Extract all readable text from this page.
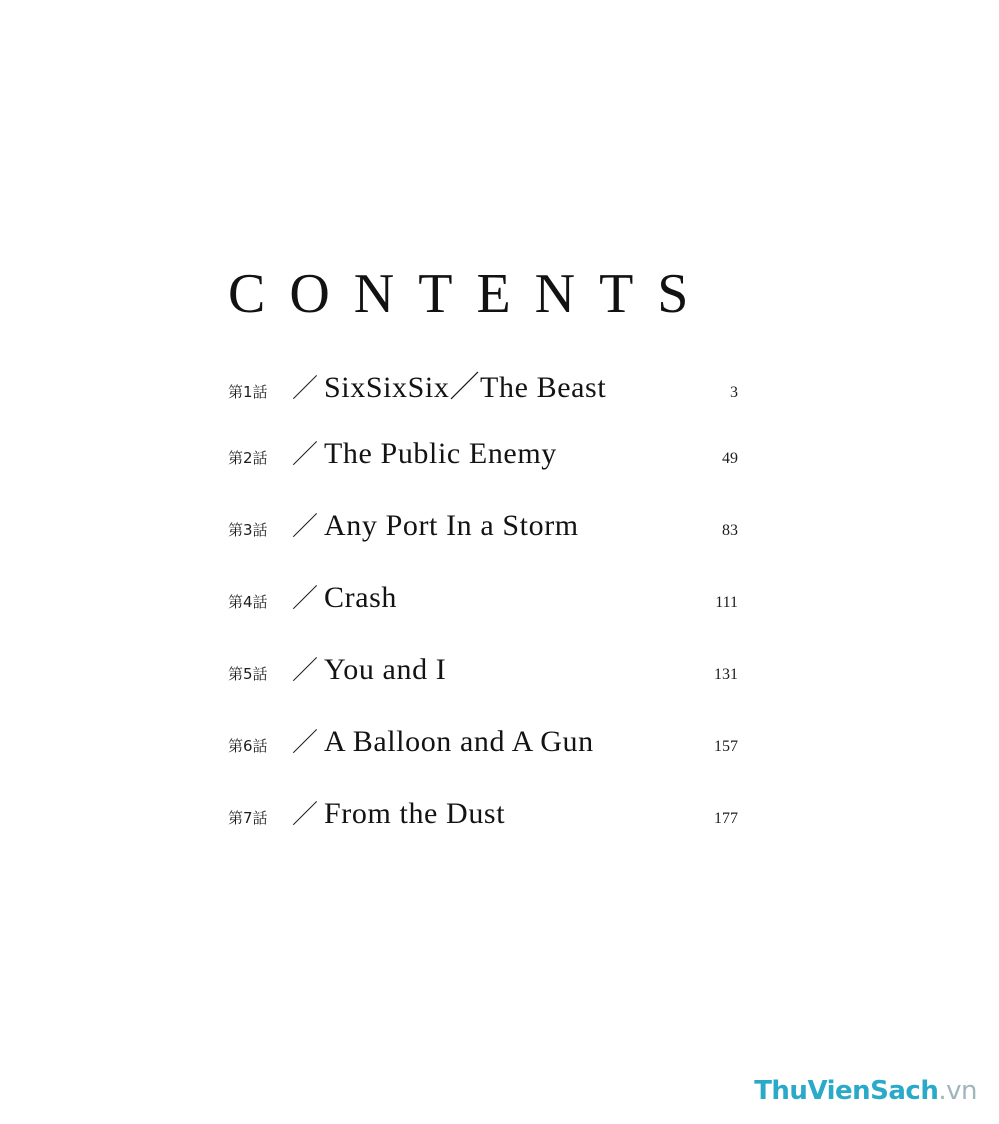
CONTENTS
第1話 ／ SixSixSix／The Beast	3
第2話 ／ The Public Enemy	49
第3話 ／ Any Port In a Storm	83
第4話 ／ Crash	111
第5話 ／ You and I	131
第6話 ／ A Balloon and A Gun	157
第7話 ／ From the Dust	177
ThuVienSach.vn
